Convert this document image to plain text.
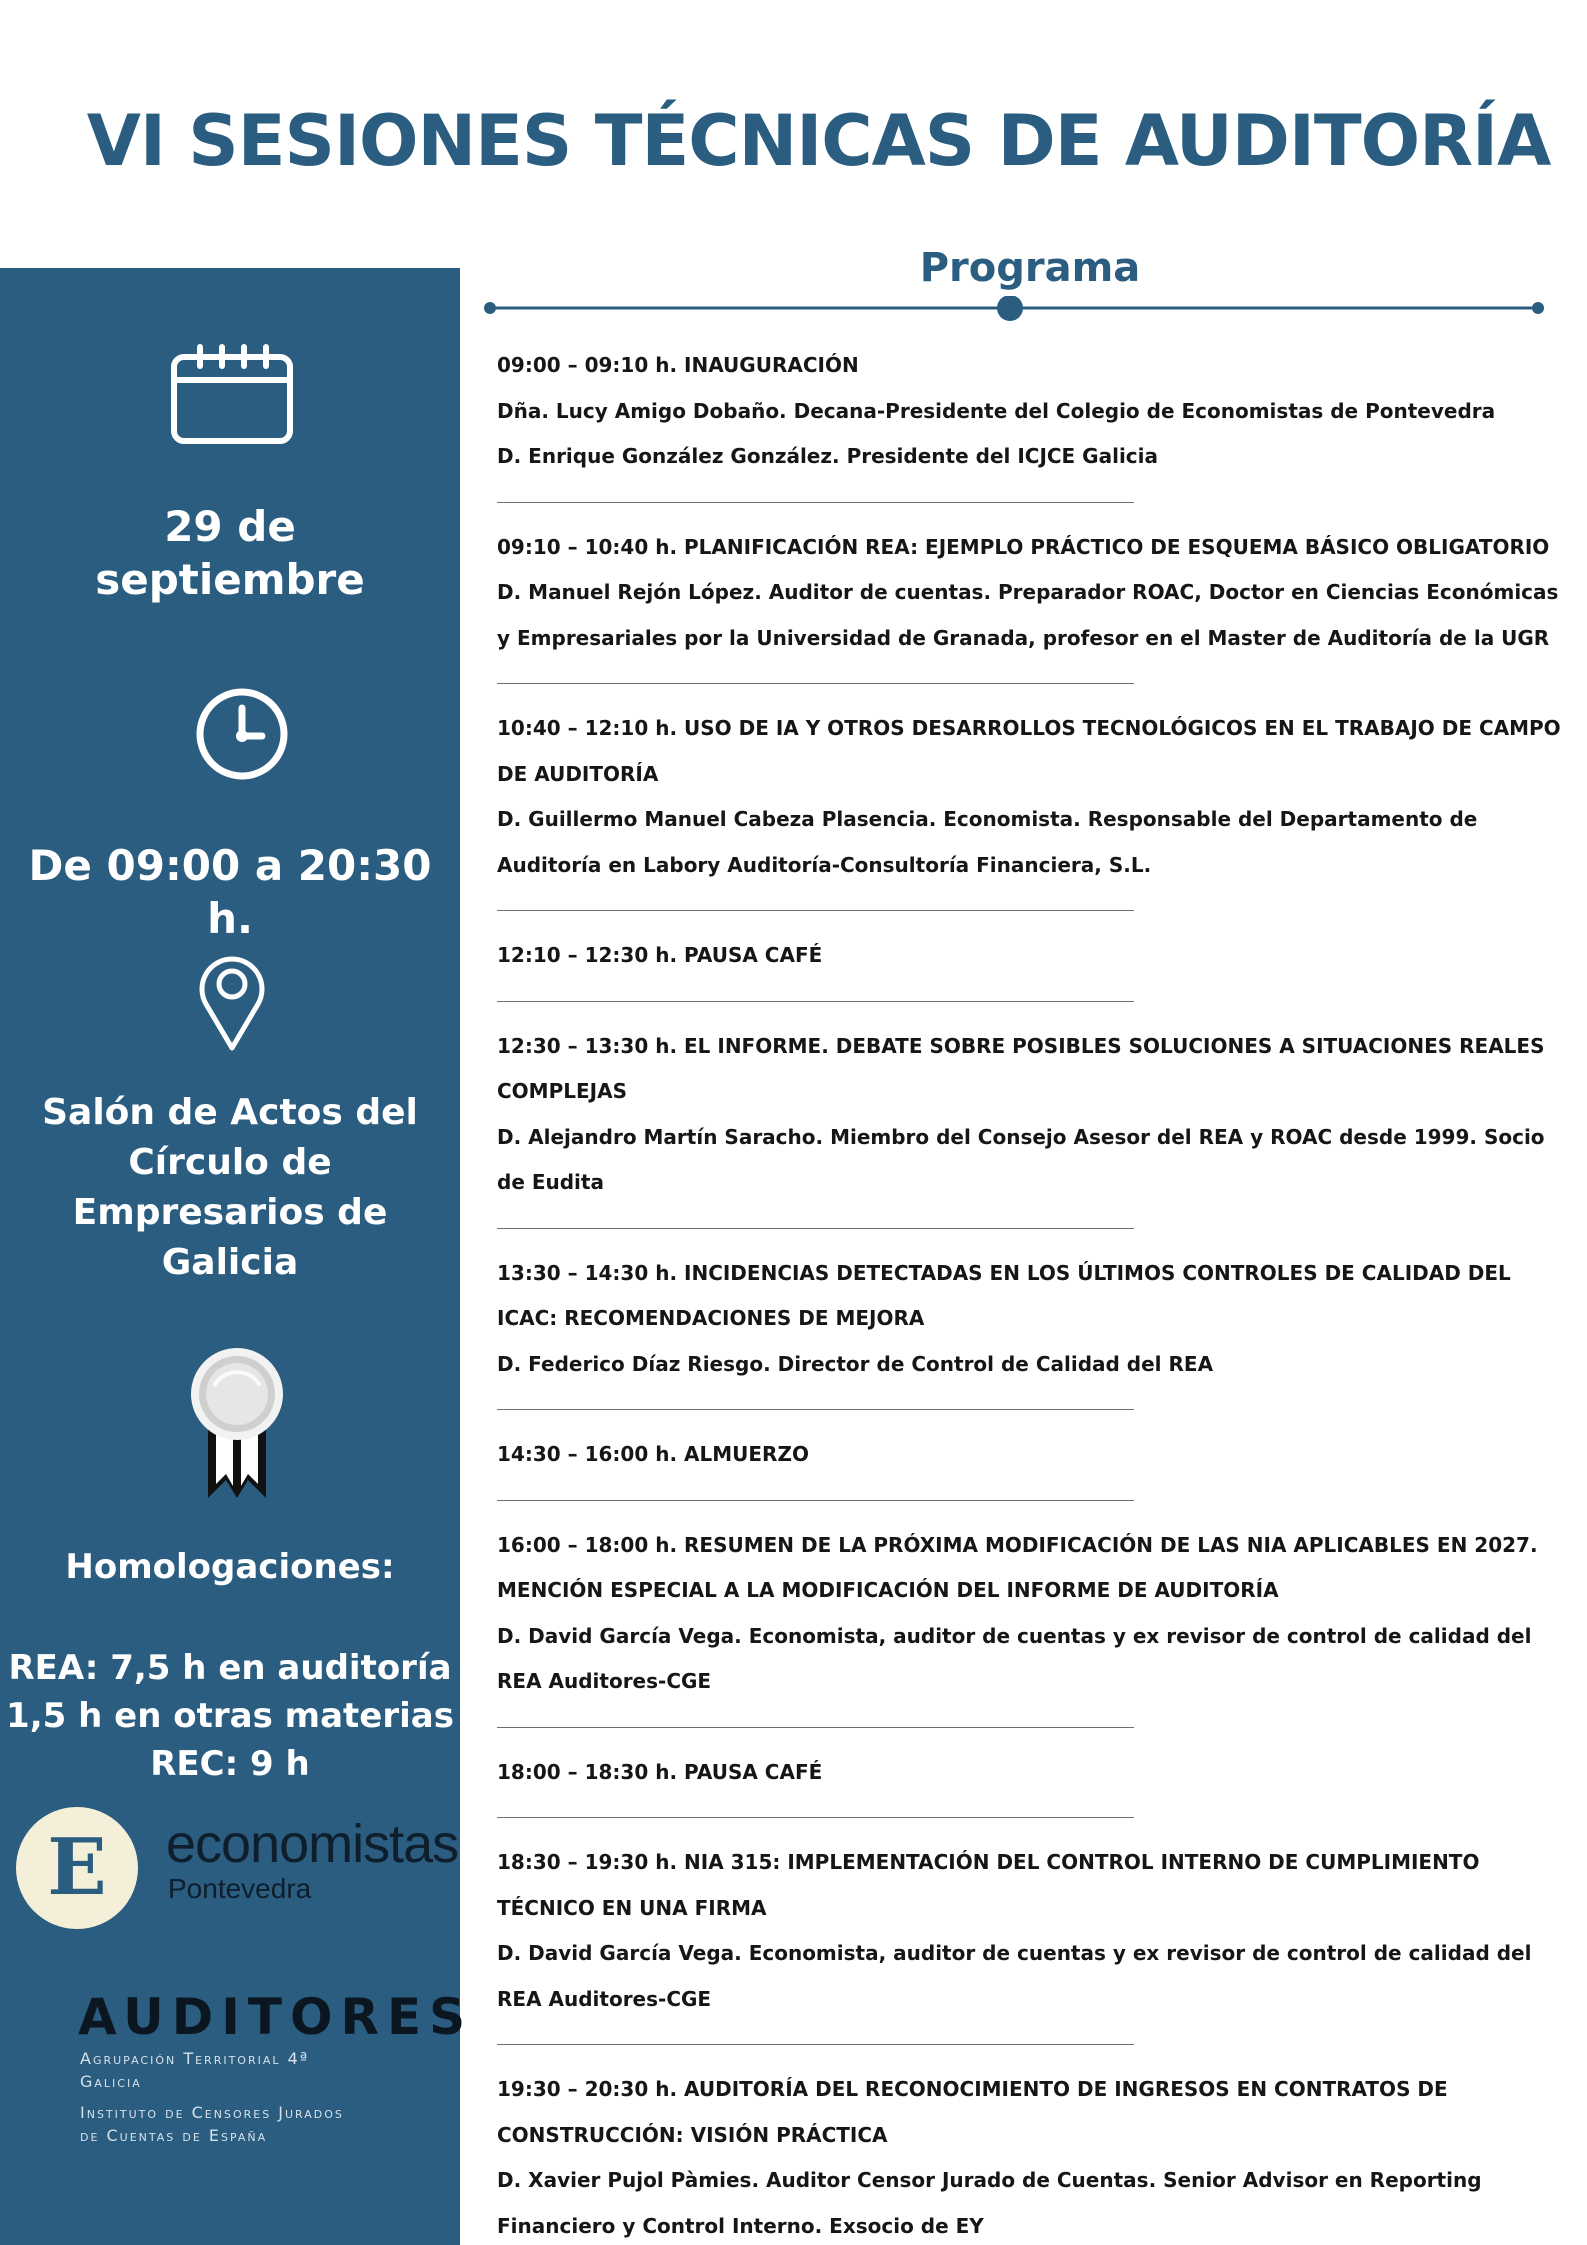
VI SESIONES TÉCNICAS DE AUDITORÍA
29 de
septiembre
De 09:00 a 20:30 h.
Salón de Actos del
Círculo de
Empresarios de
Galicia
Homologaciones:
REA: 7,5 h en auditoría
1,5 h en otras materias
REC: 9 h
E	economistas
Pontevedra
AUDITORES
Agrupación Territorial 4ª
Galicia
Instituto de Censores Jurados
de Cuentas de España
Programa
09:00 – 09:10 h. INAUGURACIÓN
Dña. Lucy Amigo Dobaño. Decana-Presidente del Colegio de Economistas de Pontevedra
D. Enrique González González. Presidente del ICJCE Galicia
09:10 – 10:40 h. PLANIFICACIÓN REA: EJEMPLO PRÁCTICO DE ESQUEMA BÁSICO OBLIGATORIO
D. Manuel Rejón López. Auditor de cuentas. Preparador ROAC, Doctor en Ciencias Económicas
y Empresariales por la Universidad de Granada, profesor en el Master de Auditoría de la UGR
10:40 – 12:10 h. USO DE IA Y OTROS DESARROLLOS TECNOLÓGICOS EN EL TRABAJO DE CAMPO
DE AUDITORÍA
D. Guillermo Manuel Cabeza Plasencia. Economista. Responsable del Departamento de
Auditoría en Labory Auditoría-Consultoría Financiera, S.L.
12:10 – 12:30 h. PAUSA CAFÉ
12:30 – 13:30 h. EL INFORME. DEBATE SOBRE POSIBLES SOLUCIONES A SITUACIONES REALES
COMPLEJAS
D. Alejandro Martín Saracho. Miembro del Consejo Asesor del REA y ROAC desde 1999. Socio
de Eudita
13:30 – 14:30 h. INCIDENCIAS DETECTADAS EN LOS ÚLTIMOS CONTROLES DE CALIDAD DEL
ICAC: RECOMENDACIONES DE MEJORA
D. Federico Díaz Riesgo. Director de Control de Calidad del REA
14:30 – 16:00 h. ALMUERZO
16:00 – 18:00 h. RESUMEN DE LA PRÓXIMA MODIFICACIÓN DE LAS NIA APLICABLES EN 2027.
MENCIÓN ESPECIAL A LA MODIFICACIÓN DEL INFORME DE AUDITORÍA
D. David García Vega. Economista, auditor de cuentas y ex revisor de control de calidad del
REA Auditores-CGE
18:00 – 18:30 h. PAUSA CAFÉ
18:30 – 19:30 h. NIA 315: IMPLEMENTACIÓN DEL CONTROL INTERNO DE CUMPLIMIENTO
TÉCNICO EN UNA FIRMA
D. David García Vega. Economista, auditor de cuentas y ex revisor de control de calidad del
REA Auditores-CGE
19:30 – 20:30 h. AUDITORÍA DEL RECONOCIMIENTO DE INGRESOS EN CONTRATOS DE
CONSTRUCCIÓN: VISIÓN PRÁCTICA
D. Xavier Pujol Pàmies. Auditor Censor Jurado de Cuentas. Senior Advisor en Reporting
Financiero y Control Interno. Exsocio de EY
